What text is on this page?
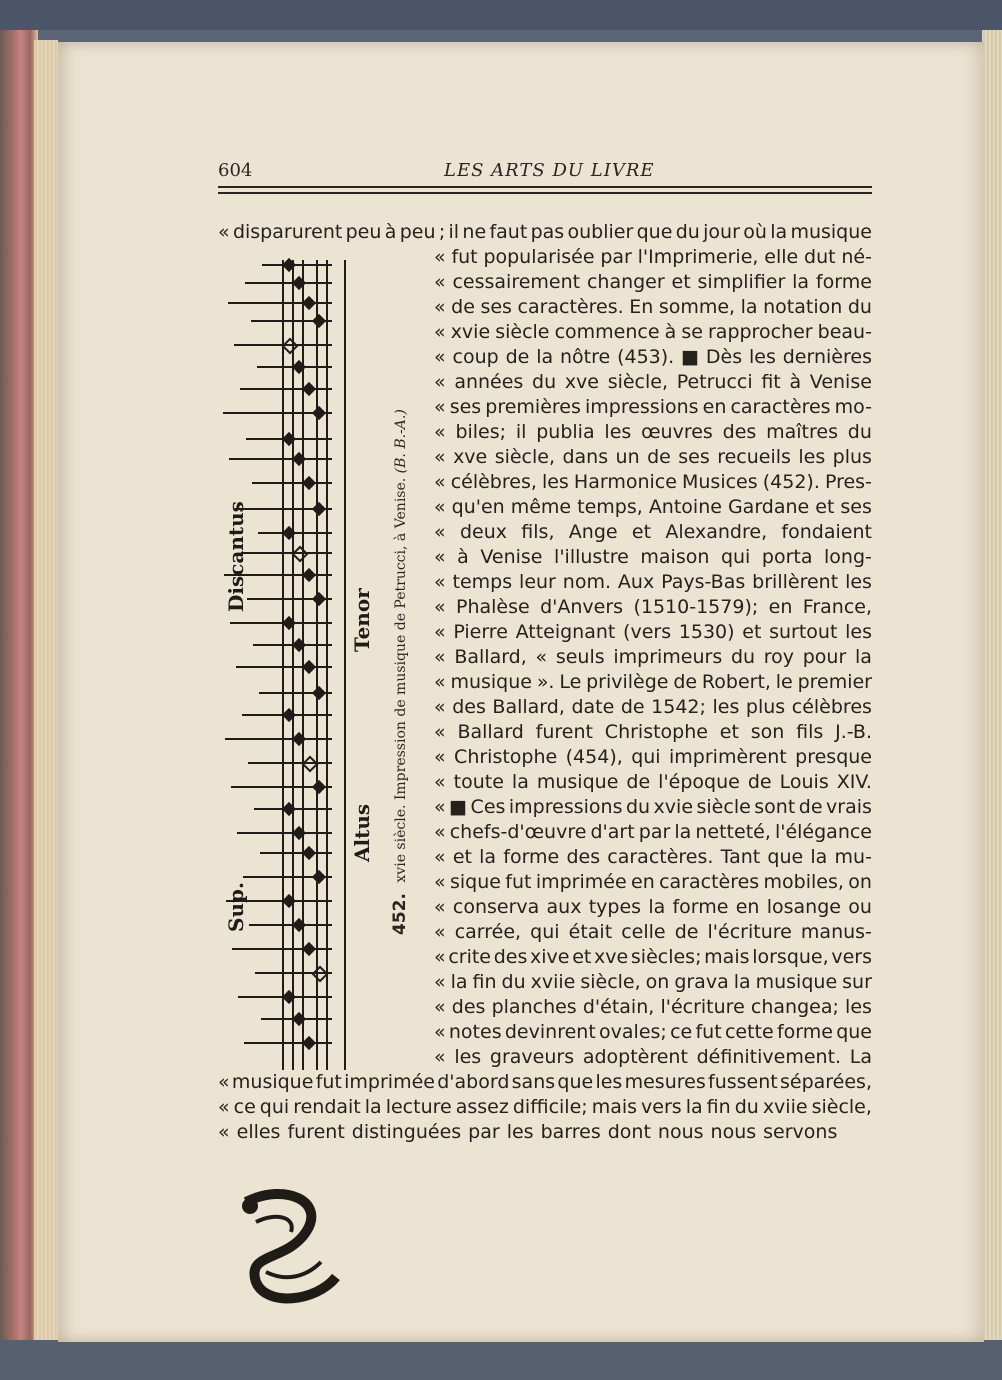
604	LES ARTS DU LIVRE
Discantus
Sup.
Altus
Tenor
452. xvie siècle. Impression de musique de Petrucci, à Venise. (B. B.-A.)
« disparurent peu à peu ; il ne faut pas oublier que du jour où la musique
« fut popularisée par l'Imprimerie, elle dut né-
« cessairement changer et simplifier la forme
« de ses caractères. En somme, la notation du
« xvie siècle commence à se rapprocher beau-
« coup de la nôtre (453). ■ Dès les dernières
« années du xve siècle, Petrucci fit à Venise
« ses premières impressions en caractères mo-
« biles; il publia les œuvres des maîtres du
« xve siècle, dans un de ses recueils les plus
« célèbres, les Harmonice Musices (452). Pres-
« qu'en même temps, Antoine Gardane et ses
« deux fils, Ange et Alexandre, fondaient
« à Venise l'illustre maison qui porta long-
« temps leur nom. Aux Pays-Bas brillèrent les
« Phalèse d'Anvers (1510-1579); en France,
« Pierre Atteignant (vers 1530) et surtout les
« Ballard, « seuls imprimeurs du roy pour la
« musique ». Le privilège de Robert, le premier
« des Ballard, date de 1542; les plus célèbres
« Ballard furent Christophe et son fils J.-B.
« Christophe (454), qui imprimèrent presque
« toute la musique de l'époque de Louis XIV.
« ■ Ces impressions du xvie siècle sont de vrais
« chefs-d'œuvre d'art par la netteté, l'élégance
« et la forme des caractères. Tant que la mu-
« sique fut imprimée en caractères mobiles, on
« conserva aux types la forme en losange ou
« carrée, qui était celle de l'écriture manus-
« crite des xive et xve siècles; mais lorsque, vers
« la fin du xviie siècle, on grava la musique sur
« des planches d'étain, l'écriture changea; les
« notes devinrent ovales; ce fut cette forme que
« les graveurs adoptèrent définitivement. La
« musique fut imprimée d'abord sans que les mesures fussent séparées,
« ce qui rendait la lecture assez difficile; mais vers la fin du xviie siècle,
« elles furent distinguées par les barres dont nous nous servons
